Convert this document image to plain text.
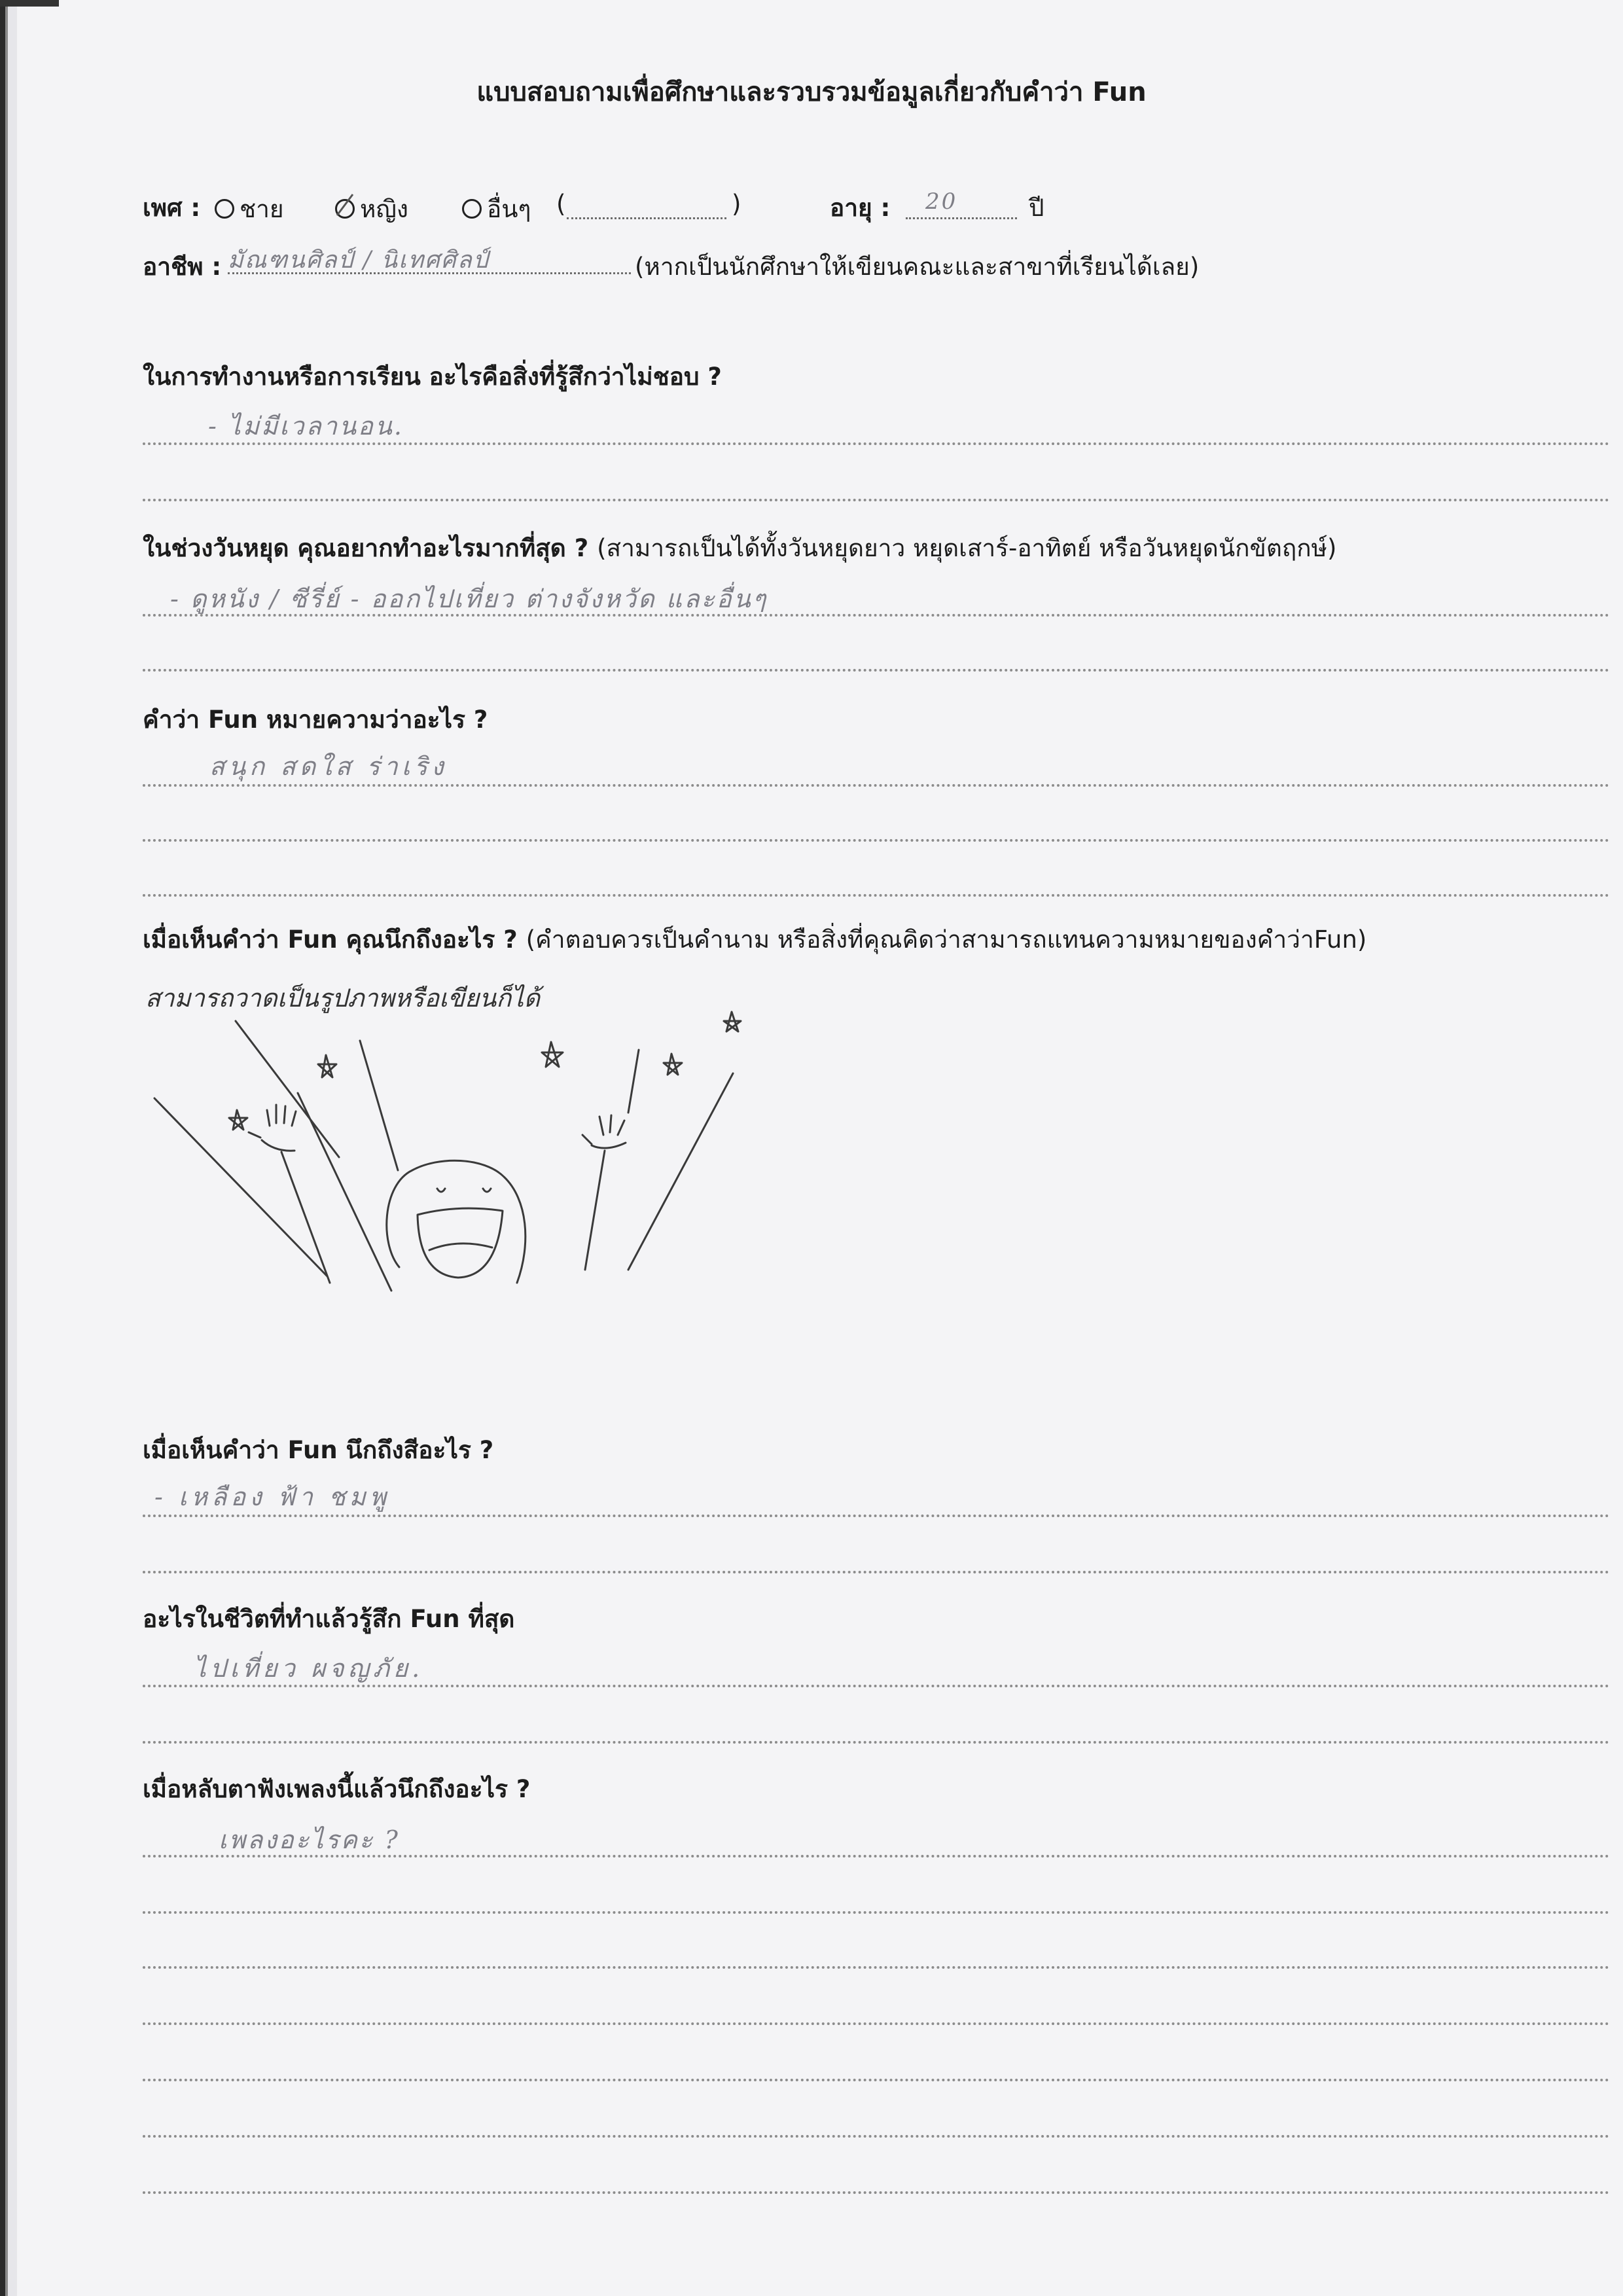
แบบสอบถามเพื่อศึกษาและรวบรวมข้อมูลเกี่ยวกับคำว่า Fun
เพศ :	ชาย	หญิง	อื่นๆ (	)	อายุ : 20	ปี
อาชีพ : มัณฑนศิลป์ / นิเทศศิลป์	(หากเป็นนักศึกษาให้เขียนคณะและสาขาที่เรียนได้เลย)
ในการทำงานหรือการเรียน อะไรคือสิ่งที่รู้สึกว่าไม่ชอบ ?
- ไม่มีเวลานอน.
ในช่วงวันหยุด คุณอยากทำอะไรมากที่สุด ? (สามารถเป็นได้ทั้งวันหยุดยาว หยุดเสาร์-อาทิตย์ หรือวันหยุดนักขัตฤกษ์)
- ดูหนัง / ซีรี่ย์ - ออกไปเที่ยว ต่างจังหวัด และอื่นๆ
คำว่า Fun หมายความว่าอะไร ?
สนุก สดใส ร่าเริง
เมื่อเห็นคำว่า Fun คุณนึกถึงอะไร ? (คำตอบควรเป็นคำนาม หรือสิ่งที่คุณคิดว่าสามารถแทนความหมายของคำว่าFun)
สามารถวาดเป็นรูปภาพหรือเขียนก็ได้
เมื่อเห็นคำว่า Fun นึกถึงสีอะไร ?
- เหลือง ฟ้า ชมพู
อะไรในชีวิตที่ทำแล้วรู้สึก Fun ที่สุด
ไปเที่ยว ผจญภัย.
เมื่อหลับตาฟังเพลงนี้แล้วนึกถึงอะไร ?
เพลงอะไรคะ ?
